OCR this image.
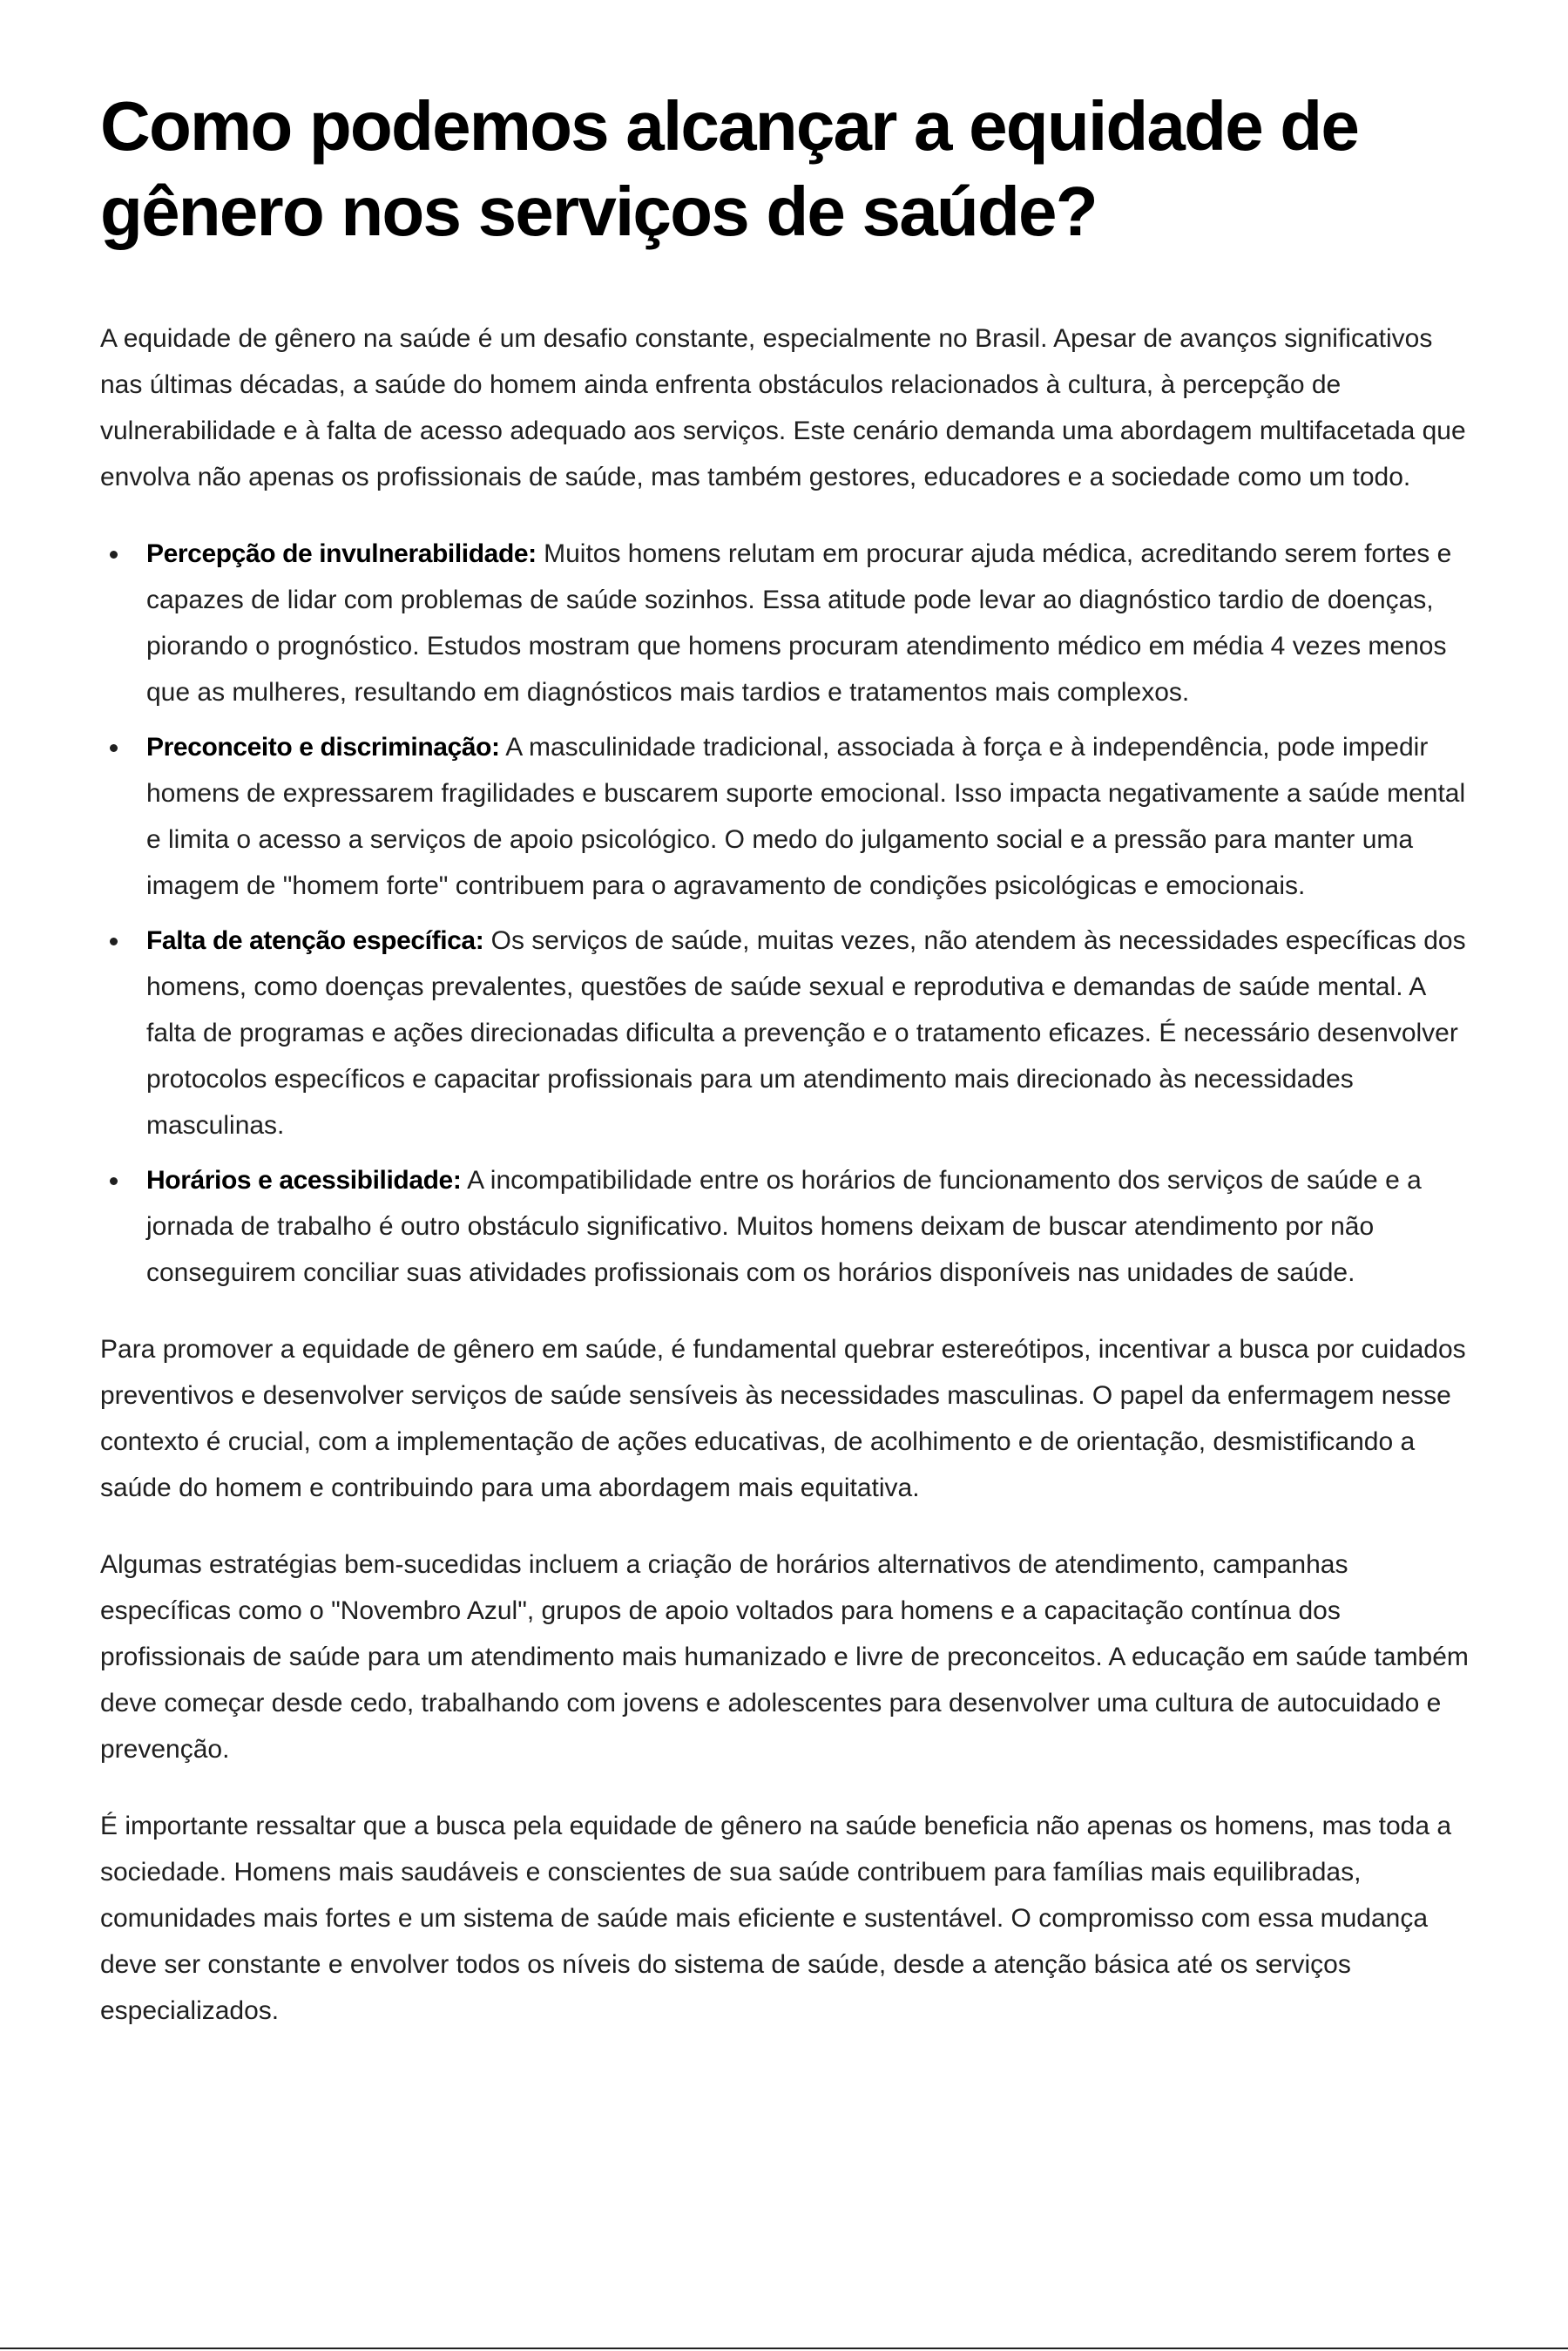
Como podemos alcançar a equidade de gênero nos serviços de saúde?

A equidade de gênero na saúde é um desafio constante, especialmente no Brasil. Apesar de avanços significativos nas últimas décadas, a saúde do homem ainda enfrenta obstáculos relacionados à cultura, à percepção de vulnerabilidade e à falta de acesso adequado aos serviços. Este cenário demanda uma abordagem multifacetada que envolva não apenas os profissionais de saúde, mas também gestores, educadores e a sociedade como um todo.

Percepção de invulnerabilidade: Muitos homens relutam em procurar ajuda médica, acreditando serem fortes e capazes de lidar com problemas de saúde sozinhos. Essa atitude pode levar ao diagnóstico tardio de doenças, piorando o prognóstico. Estudos mostram que homens procuram atendimento médico em média 4 vezes menos que as mulheres, resultando em diagnósticos mais tardios e tratamentos mais complexos.
Preconceito e discriminação: A masculinidade tradicional, associada à força e à independência, pode impedir homens de expressarem fragilidades e buscarem suporte emocional. Isso impacta negativamente a saúde mental e limita o acesso a serviços de apoio psicológico. O medo do julgamento social e a pressão para manter uma imagem de "homem forte" contribuem para o agravamento de condições psicológicas e emocionais.
Falta de atenção específica: Os serviços de saúde, muitas vezes, não atendem às necessidades específicas dos homens, como doenças prevalentes, questões de saúde sexual e reprodutiva e demandas de saúde mental. A falta de programas e ações direcionadas dificulta a prevenção e o tratamento eficazes. É necessário desenvolver protocolos específicos e capacitar profissionais para um atendimento mais direcionado às necessidades masculinas.
Horários e acessibilidade: A incompatibilidade entre os horários de funcionamento dos serviços de saúde e a jornada de trabalho é outro obstáculo significativo. Muitos homens deixam de buscar atendimento por não conseguirem conciliar suas atividades profissionais com os horários disponíveis nas unidades de saúde.

Para promover a equidade de gênero em saúde, é fundamental quebrar estereótipos, incentivar a busca por cuidados preventivos e desenvolver serviços de saúde sensíveis às necessidades masculinas. O papel da enfermagem nesse contexto é crucial, com a implementação de ações educativas, de acolhimento e de orientação, desmistificando a saúde do homem e contribuindo para uma abordagem mais equitativa.

Algumas estratégias bem-sucedidas incluem a criação de horários alternativos de atendimento, campanhas específicas como o "Novembro Azul", grupos de apoio voltados para homens e a capacitação contínua dos profissionais de saúde para um atendimento mais humanizado e livre de preconceitos. A educação em saúde também deve começar desde cedo, trabalhando com jovens e adolescentes para desenvolver uma cultura de autocuidado e prevenção.

É importante ressaltar que a busca pela equidade de gênero na saúde beneficia não apenas os homens, mas toda a sociedade. Homens mais saudáveis e conscientes de sua saúde contribuem para famílias mais equilibradas, comunidades mais fortes e um sistema de saúde mais eficiente e sustentável. O compromisso com essa mudança deve ser constante e envolver todos os níveis do sistema de saúde, desde a atenção básica até os serviços especializados.
